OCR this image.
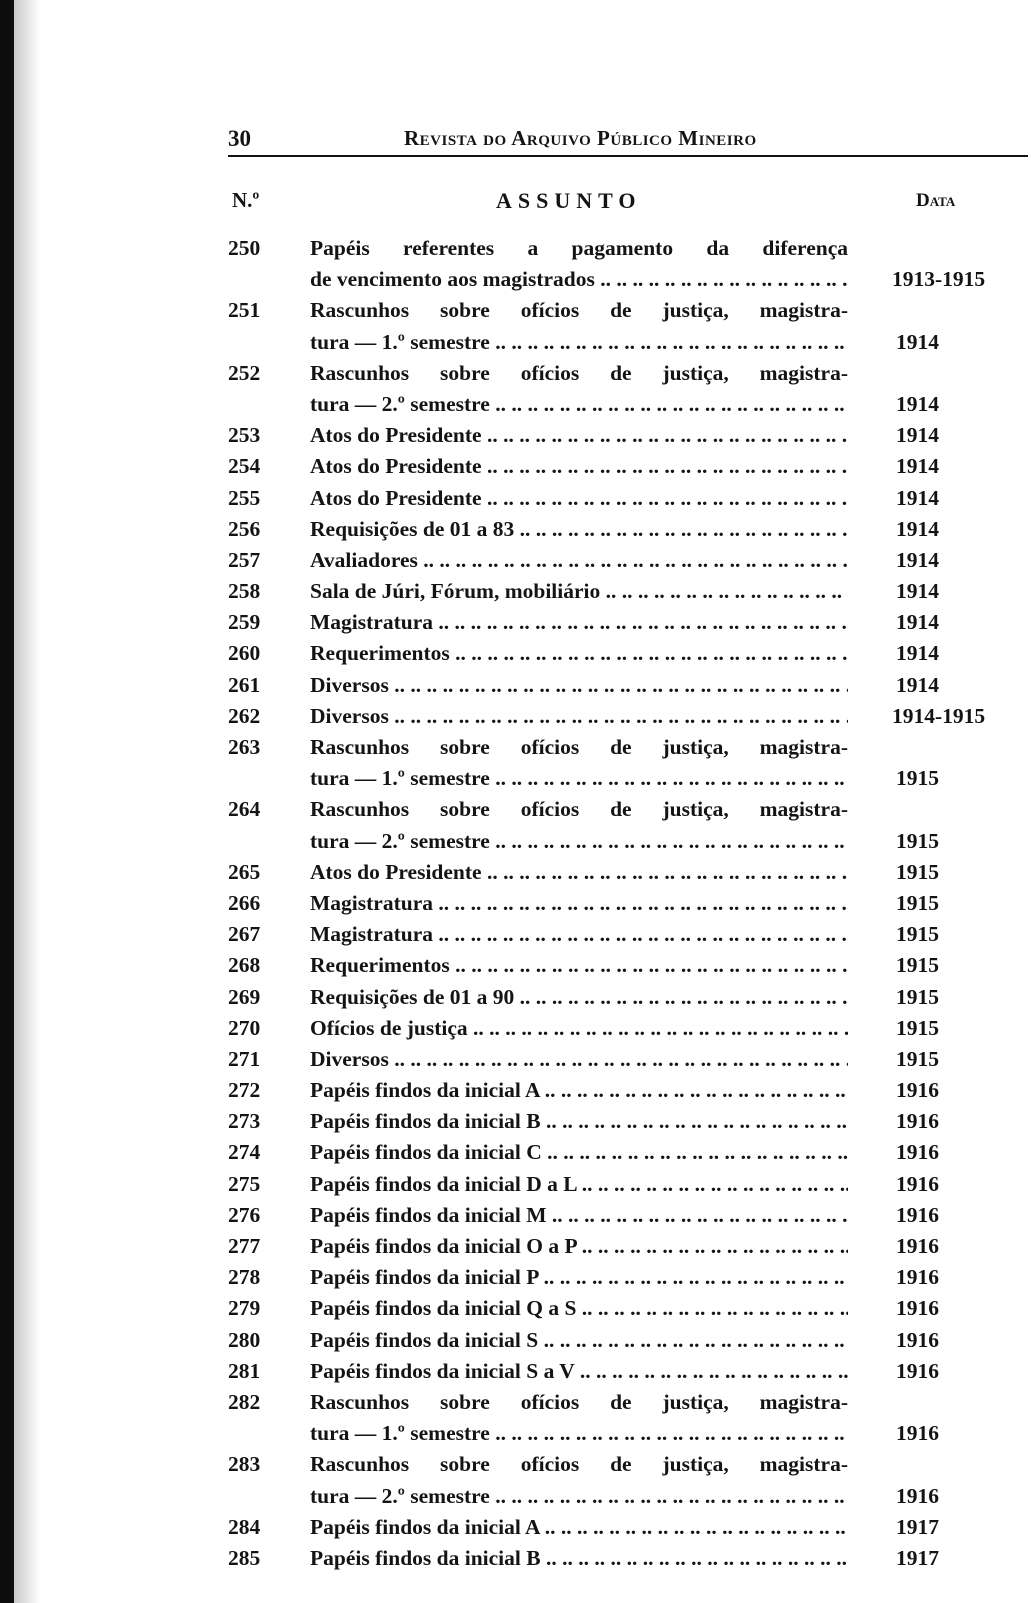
30	Revista do Arquivo Público Mineiro
N.º	ASSUNTO	Data
250	Papéis referentes a pagamento da diferença
de vencimento aos magistrados .. ..	1913-1915
251	Rascunhos sobre ofícios de justiça, magistra-
tura — 1.º semestre .. ..	1914
252	Rascunhos sobre ofícios de justiça, magistra-
tura — 2.º semestre .. ..	1914
253	Atos do Presidente .. ..	1914
254	Atos do Presidente .. ..	1914
255	Atos do Presidente .. ..	1914
256	Requisições de 01 a 83 .. ..	1914
257	Avaliadores .. ..	1914
258	Sala de Júri, Fórum, mobiliário .. ..	1914
259	Magistratura .. ..	1914
260	Requerimentos .. ..	1914
261	Diversos .. ..	1914
262	Diversos .. ..	1914-1915
263	Rascunhos sobre ofícios de justiça, magistra-
tura — 1.º semestre .. ..	1915
264	Rascunhos sobre ofícios de justiça, magistra-
tura — 2.º semestre .. ..	1915
265	Atos do Presidente .. ..	1915
266	Magistratura .. ..	1915
267	Magistratura .. ..	1915
268	Requerimentos .. ..	1915
269	Requisições de 01 a 90 .. ..	1915
270	Ofícios de justiça .. ..	1915
271	Diversos .. ..	1915
272	Papéis findos da inicial A .. ..	1916
273	Papéis findos da inicial B .. ..	1916
274	Papéis findos da inicial C .. ..	1916
275	Papéis findos da inicial D a L .. ..	1916
276	Papéis findos da inicial M .. ..	1916
277	Papéis findos da inicial O a P .. ..	1916
278	Papéis findos da inicial P .. ..	1916
279	Papéis findos da inicial Q a S .. ..	1916
280	Papéis findos da inicial S .. ..	1916
281	Papéis findos da inicial S a V .. ..	1916
282	Rascunhos sobre ofícios de justiça, magistra-
tura — 1.º semestre .. ..	1916
283	Rascunhos sobre ofícios de justiça, magistra-
tura — 2.º semestre .. ..	1916
284	Papéis findos da inicial A .. ..	1917
285	Papéis findos da inicial B .. ..	1917
